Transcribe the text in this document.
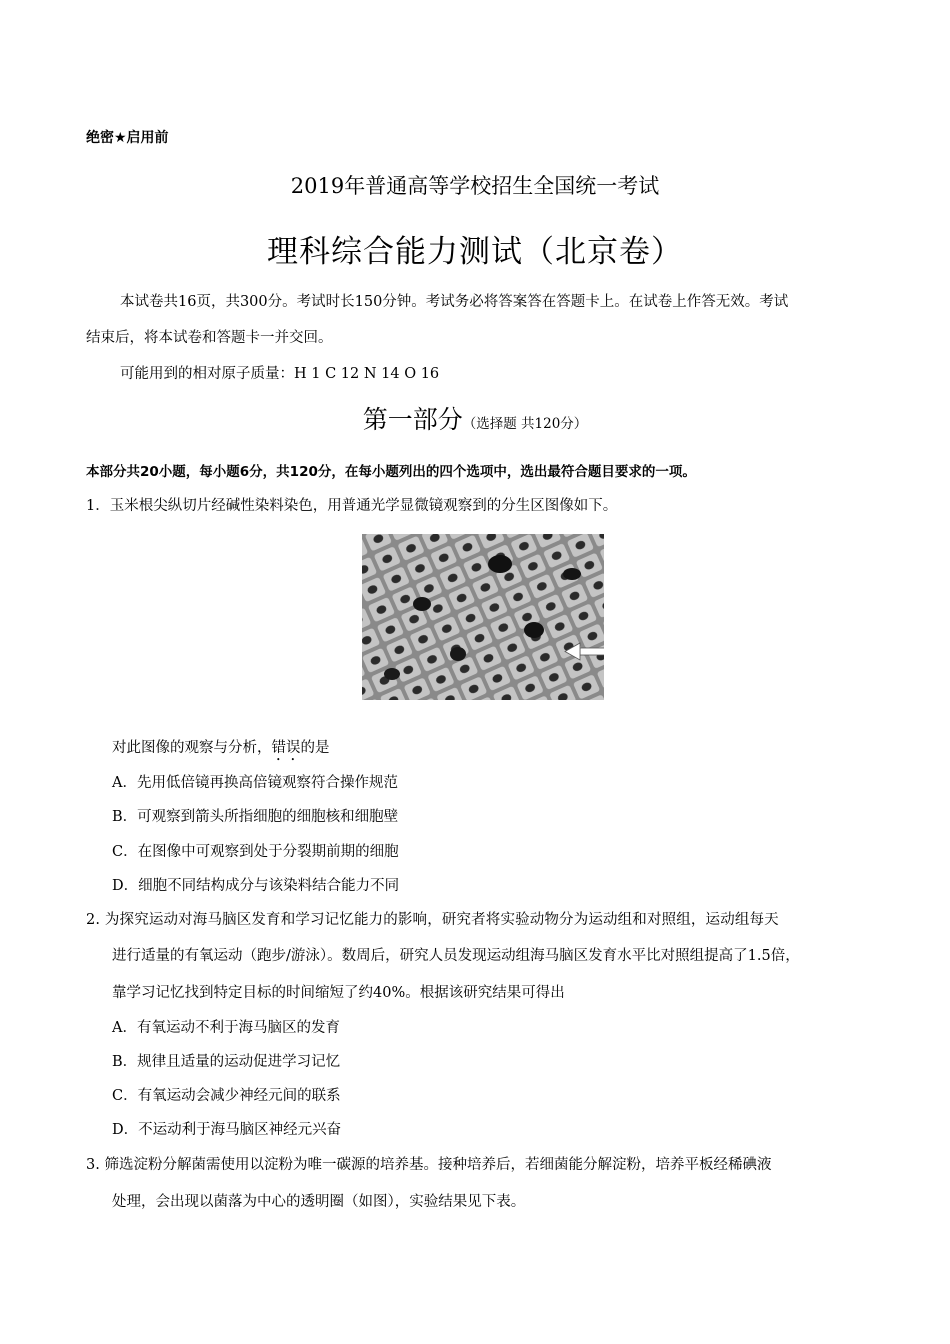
绝密★启用前
2019年普通高等学校招生全国统一考试
理科综合能力测试（北京卷）
本试卷共16页，共300分。考试时长150分钟。考试务必将答案答在答题卡上。在试卷上作答无效。考试
结束后，将本试卷和答题卡一并交回。
可能用到的相对原子质量：H 1 C 12 N 14 O 16
第一部分（选择题 共120分）
本部分共20小题，每小题6分，共120分，在每小题列出的四个选项中，选出最符合题目要求的一项。
1．玉米根尖纵切片经碱性染料染色，用普通光学显微镜观察到的分生区图像如下。
对此图像的观察与分析，错误的是
A．先用低倍镜再换高倍镜观察符合操作规范
B．可观察到箭头所指细胞的细胞核和细胞壁
C．在图像中可观察到处于分裂期前期的细胞
D．细胞不同结构成分与该染料结合能力不同
2. 为探究运动对海马脑区发育和学习记忆能力的影响，研究者将实验动物分为运动组和对照组，运动组每天
进行适量的有氧运动（跑步/游泳）。数周后，研究人员发现运动组海马脑区发育水平比对照组提高了1.5倍，
靠学习记忆找到特定目标的时间缩短了约40%。根据该研究结果可得出
A．有氧运动不利于海马脑区的发育
B．规律且适量的运动促进学习记忆
C．有氧运动会减少神经元间的联系
D．不运动利于海马脑区神经元兴奋
3. 筛选淀粉分解菌需使用以淀粉为唯一碳源的培养基。接种培养后，若细菌能分解淀粉，培养平板经稀碘液
处理，会出现以菌落为中心的透明圈（如图），实验结果见下表。
